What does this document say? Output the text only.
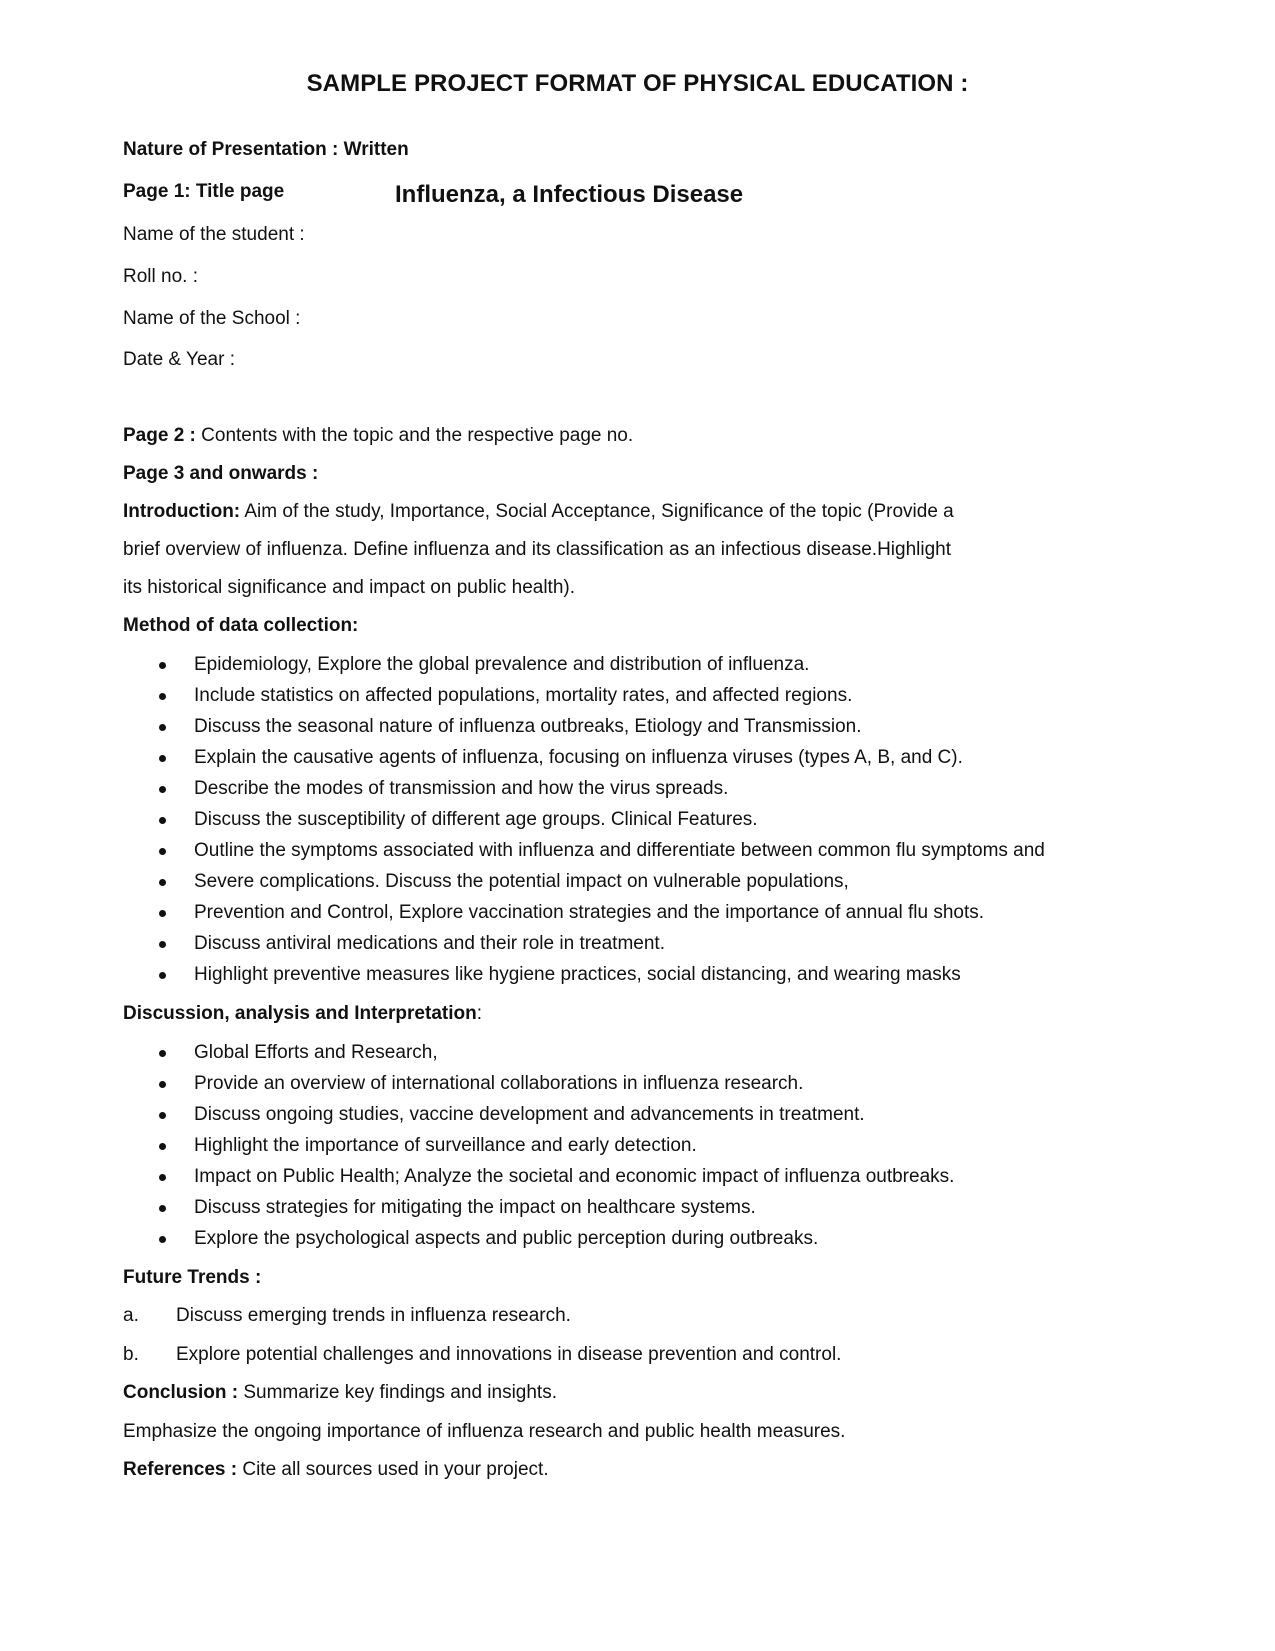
SAMPLE PROJECT FORMAT OF PHYSICAL EDUCATION :
Nature of Presentation : Written
Page 1: Title page	Influenza, a Infectious Disease
Name of the student :
Roll no. :
Name of the School :
Date & Year :
Page 2 : Contents with the topic and the respective page no.
Page 3 and onwards :
Introduction: Aim of the study, Importance, Social Acceptance, Significance of the topic (Provide a
brief overview of influenza. Define influenza and its classification as an infectious disease.Highlight
its historical significance and impact on public health).
Method of data collection:
Epidemiology, Explore the global prevalence and distribution of influenza.
Include statistics on affected populations, mortality rates, and affected regions.
Discuss the seasonal nature of influenza outbreaks, Etiology and Transmission.
Explain the causative agents of influenza, focusing on influenza viruses (types A, B, and C).
Describe the modes of transmission and how the virus spreads.
Discuss the susceptibility of different age groups. Clinical Features.
Outline the symptoms associated with influenza and differentiate between common flu symptoms and
Severe complications. Discuss the potential impact on vulnerable populations,
Prevention and Control, Explore vaccination strategies and the importance of annual flu shots.
Discuss antiviral medications and their role in treatment.
Highlight preventive measures like hygiene practices, social distancing, and wearing masks
Discussion, analysis and Interpretation:
Global Efforts and Research,
Provide an overview of international collaborations in influenza research.
Discuss ongoing studies, vaccine development and advancements in treatment.
Highlight the importance of surveillance and early detection.
Impact on Public Health; Analyze the societal and economic impact of influenza outbreaks.
Discuss strategies for mitigating the impact on healthcare systems.
Explore the psychological aspects and public perception during outbreaks.
Future Trends :
a. Discuss emerging trends in influenza research.
b. Explore potential challenges and innovations in disease prevention and control.
Conclusion : Summarize key findings and insights.
Emphasize the ongoing importance of influenza research and public health measures.
References : Cite all sources used in your project.
